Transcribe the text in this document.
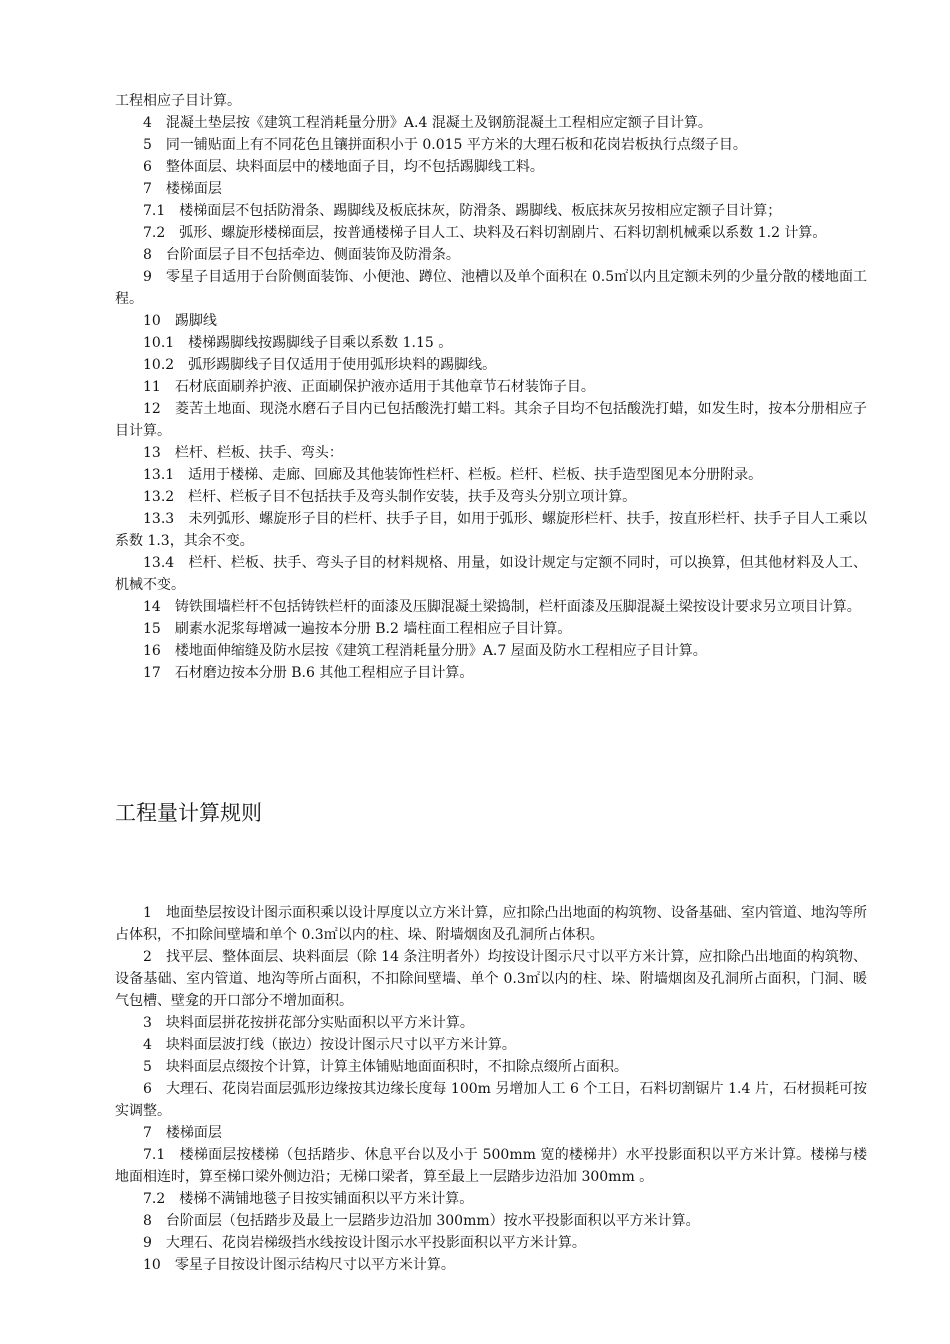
工程相应子目计算。

4　混凝土垫层按《建筑工程消耗量分册》A.4 混凝土及钢筋混凝土工程相应定额子目计算。

5　同一铺贴面上有不同花色且镶拼面积小于 0.015 平方米的大理石板和花岗岩板执行点缀子目。

6　整体面层、块料面层中的楼地面子目，均不包括踢脚线工料。

7　楼梯面层

7.1　楼梯面层不包括防滑条、踢脚线及板底抹灰，防滑条、踢脚线、板底抹灰另按相应定额子目计算；

7.2　弧形、螺旋形楼梯面层，按普通楼梯子目人工、块料及石料切割剧片、石料切割机械乘以系数 1.2 计算。

8　台阶面层子目不包括牵边、侧面装饰及防滑条。

9　零星子目适用于台阶侧面装饰、小便池、蹲位、池槽以及单个面积在 0.5㎡以内且定额未列的少量分散的楼地面工程。

10　踢脚线

10.1　楼梯踢脚线按踢脚线子目乘以系数 1.15 。

10.2　弧形踢脚线子目仅适用于使用弧形块料的踢脚线。

11　石材底面刷养护液、正面刷保护液亦适用于其他章节石材装饰子目。

12　菱苦土地面、现浇水磨石子目内已包括酸洗打蜡工料。其余子目均不包括酸洗打蜡，如发生时，按本分册相应子目计算。

13　栏杆、栏板、扶手、弯头：

13.1　适用于楼梯、走廊、回廊及其他装饰性栏杆、栏板。栏杆、栏板、扶手造型图见本分册附录。

13.2　栏杆、栏板子目不包括扶手及弯头制作安装，扶手及弯头分别立项计算。

13.3　未列弧形、螺旋形子目的栏杆、扶手子目，如用于弧形、螺旋形栏杆、扶手，按直形栏杆、扶手子目人工乘以系数 1.3，其余不变。

13.4　栏杆、栏板、扶手、弯头子目的材料规格、用量，如设计规定与定额不同时，可以换算，但其他材料及人工、机械不变。

14　铸铁围墙栏杆不包括铸铁栏杆的面漆及压脚混凝土梁捣制，栏杆面漆及压脚混凝土梁按设计要求另立项目计算。

15　刷素水泥浆每增减一遍按本分册 B.2 墙柱面工程相应子目计算。

16　楼地面伸缩缝及防水层按《建筑工程消耗量分册》A.7 屋面及防水工程相应子目计算。

17　石材磨边按本分册 B.6 其他工程相应子目计算。

工程量计算规则

1　地面垫层按设计图示面积乘以设计厚度以立方米计算，应扣除凸出地面的构筑物、设备基础、室内管道、地沟等所占体积，不扣除间壁墙和单个 0.3㎡以内的柱、垛、附墙烟囱及孔洞所占体积。

2　找平层、整体面层、块料面层（除 14 条注明者外）均按设计图示尺寸以平方米计算，应扣除凸出地面的构筑物、设备基础、室内管道、地沟等所占面积，不扣除间壁墙、单个 0.3㎡以内的柱、垛、附墙烟囱及孔洞所占面积，门洞、暖气包槽、壁龛的开口部分不增加面积。

3　块料面层拼花按拼花部分实贴面积以平方米计算。

4　块料面层波打线（嵌边）按设计图示尺寸以平方米计算。

5　块料面层点缀按个计算，计算主体铺贴地面面积时，不扣除点缀所占面积。

6　大理石、花岗岩面层弧形边缘按其边缘长度每 100m 另增加人工 6 个工日，石料切割锯片 1.4 片，石材损耗可按实调整。

7　楼梯面层

7.1　楼梯面层按楼梯（包括踏步、休息平台以及小于 500mm 宽的楼梯井）水平投影面积以平方米计算。楼梯与楼地面相连时，算至梯口梁外侧边沿；无梯口梁者，算至最上一层踏步边沿加 300mm 。

7.2　楼梯不满铺地毯子目按实铺面积以平方米计算。

8　台阶面层（包括踏步及最上一层踏步边沿加 300mm）按水平投影面积以平方米计算。

9　大理石、花岗岩梯级挡水线按设计图示水平投影面积以平方米计算。

10　零星子目按设计图示结构尺寸以平方米计算。
